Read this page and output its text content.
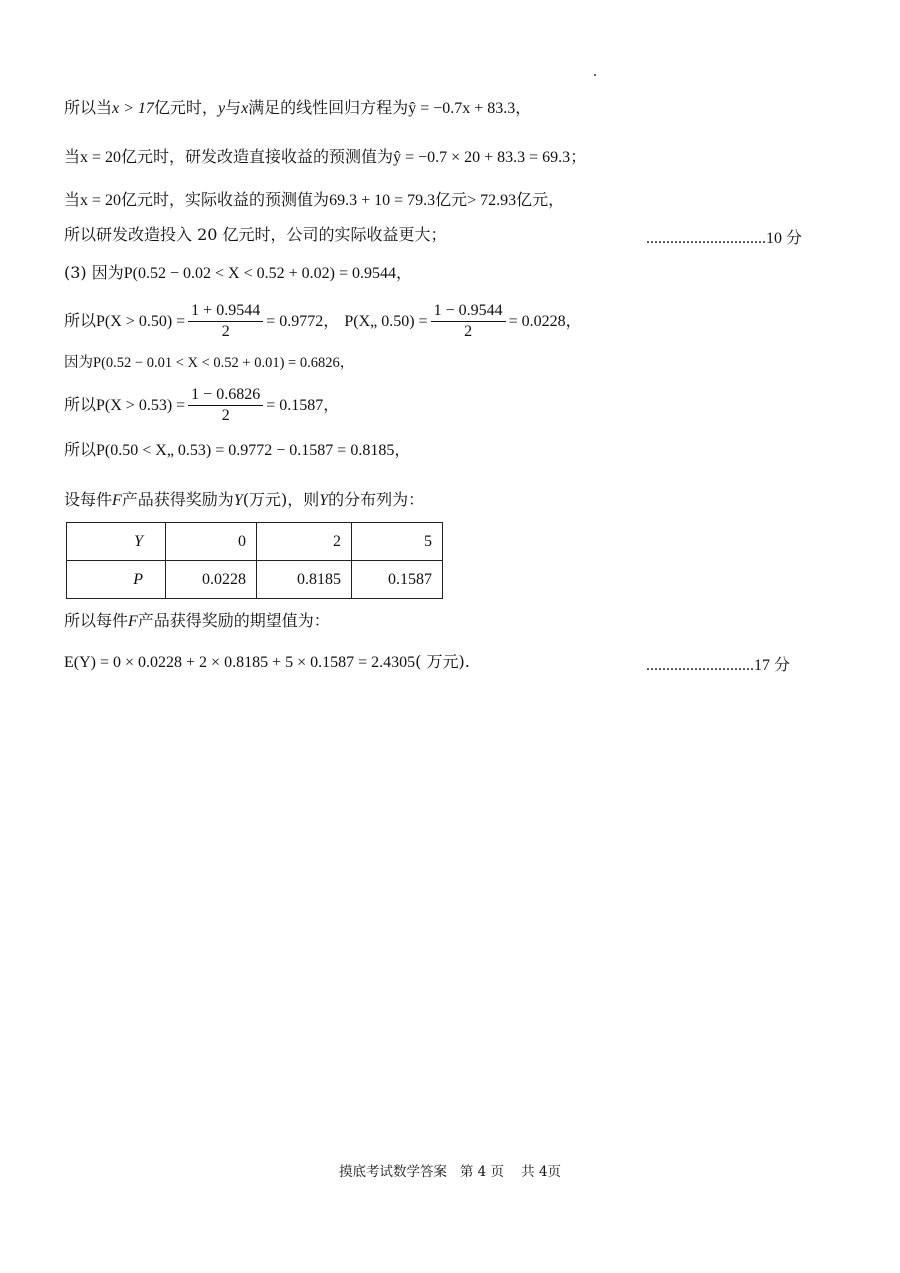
所以当x > 17亿元时，y与x满足的线性回归方程为ŷ = −0.7x + 83.3，
当x = 20亿元时，研发改造直接收益的预测值为ŷ = −0.7 × 20 + 83.3 = 69.3；
当x = 20亿元时，实际收益的预测值为69.3 + 10 = 79.3亿元> 72.93亿元，
所以研发改造投入 20 亿元时，公司的实际收益更大；	..............................10 分
(3) 因为P(0.52 − 0.02 < X < 0.52 + 0.02) = 0.9544，
所以$P(X > 0.50) = \frac{1 + 0.9544}{2} = 0.9772$， P(X„ $0.50) = \frac{1 - 0.9544}{2} = 0.0228$，
因为P(0.52 − 0.01 < X < 0.52 + 0.01) = 0.6826，
所以$P(X > 0.53) = \frac{1 - 0.6826}{2} = 0.1587$，
所以P(0.50 < X„ 0.53) = 0.9772 − 0.1587 = 0.8185，
设每件F产品获得奖励为Y(万元)，则Y的分布列为：
Y	0	2	5
P	0.0228	0.8185	0.1587
所以每件F产品获得奖励的期望值为：
E(Y) = 0 × 0.0228 + 2 × 0.8185 + 5 × 0.1587 = 2.4305( 万元).	...........................17 分
摸底考试数学答案   第 4 页    共 4页
